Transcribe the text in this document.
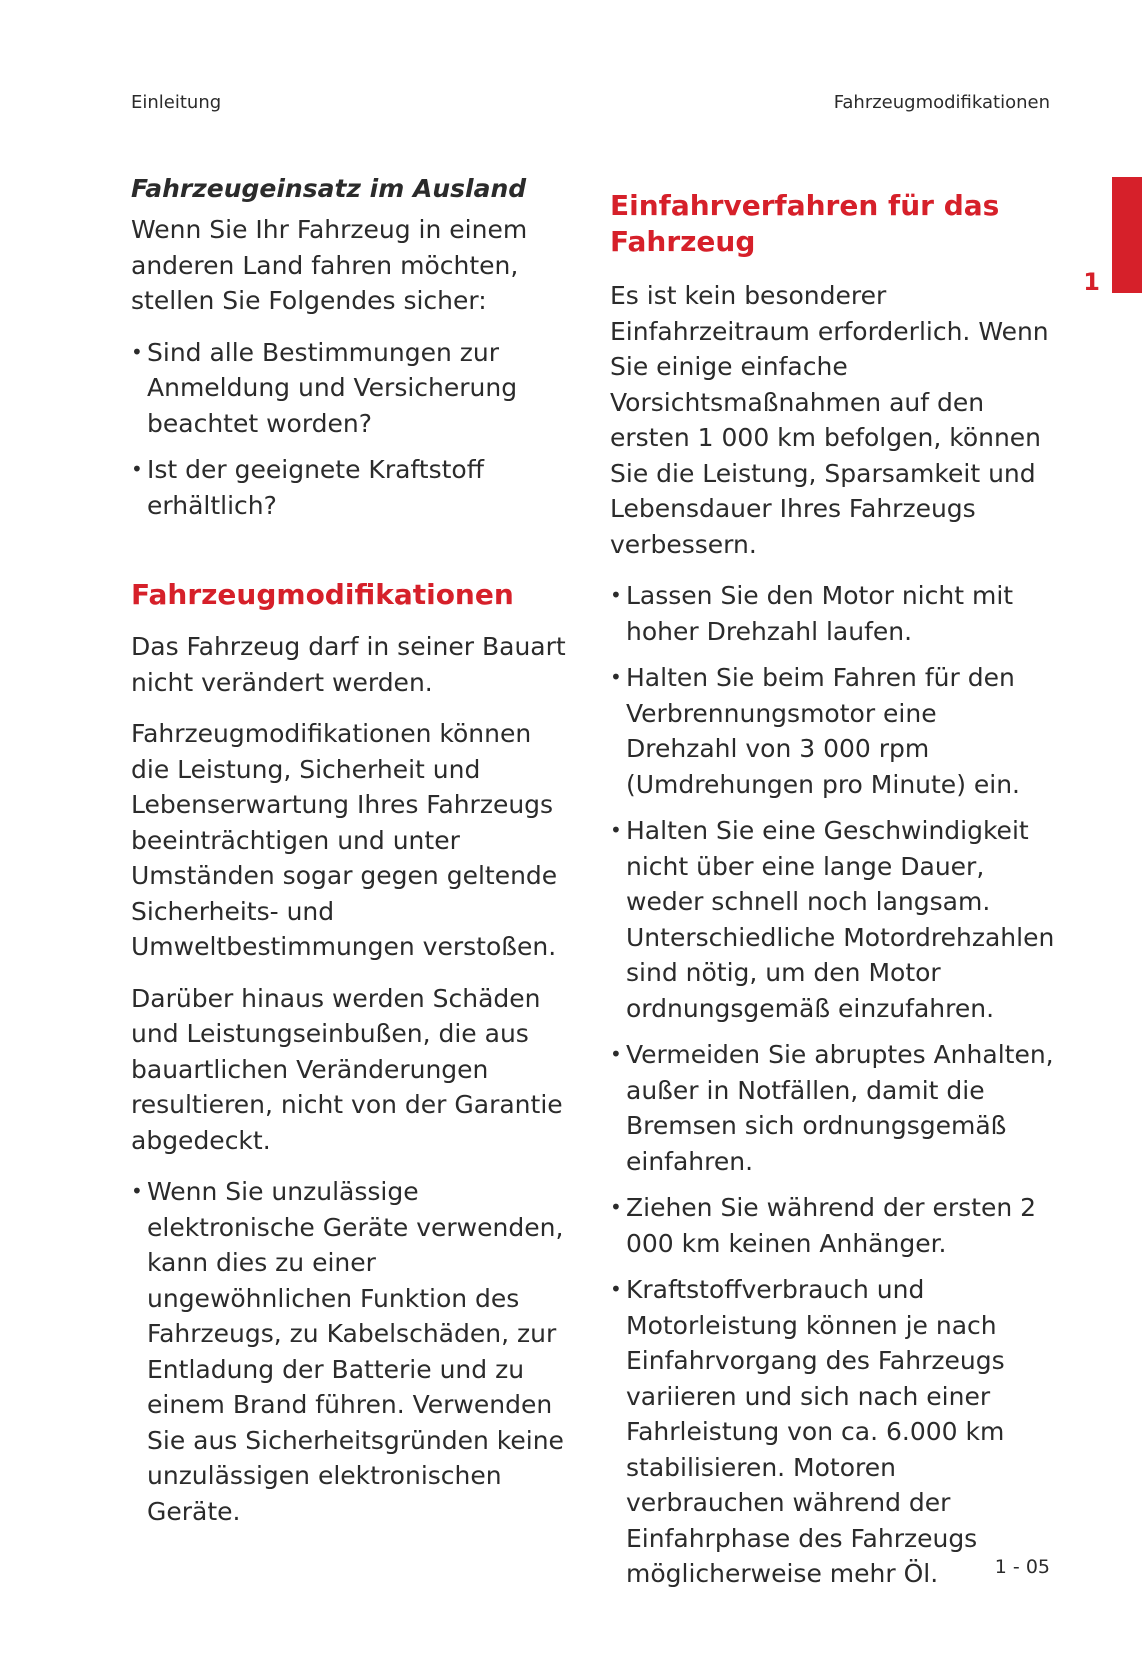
Einleitung	Fahrzeugmodifikationen
1
Fahrzeugeinsatz im Ausland

Wenn Sie Ihr Fahrzeug in einem anderen Land fahren möchten, stellen Sie Folgendes sicher:

• Sind alle Bestimmungen zur Anmeldung und Versicherung beachtet worden?
• Ist der geeignete Kraftstoff erhältlich?
Fahrzeugmodifikationen

Das Fahrzeug darf in seiner Bauart nicht verändert werden.

Fahrzeugmodifikationen können die Leistung, Sicherheit und Lebenserwartung Ihres Fahrzeugs beeinträchtigen und unter Umständen sogar gegen geltende Sicherheits- und Umweltbestimmungen verstoßen.

Darüber hinaus werden Schäden und Leistungseinbußen, die aus bauartlichen Veränderungen resultieren, nicht von der Garantie abgedeckt.

• Wenn Sie unzulässige elektronische Geräte verwenden, kann dies zu einer ungewöhnlichen Funktion des Fahrzeugs, zu Kabelschäden, zur Entladung der Batterie und zu einem Brand führen. Verwenden Sie aus Sicherheitsgründen keine unzulässigen elektronischen Geräte.
Einfahrverfahren für das Fahrzeug

Es ist kein besonderer Einfahrzeitraum erforderlich. Wenn Sie einige einfache Vorsichtsmaßnahmen auf den ersten 1 000 km befolgen, können Sie die Leistung, Sparsamkeit und Lebensdauer Ihres Fahrzeugs verbessern.

• Lassen Sie den Motor nicht mit hoher Drehzahl laufen.
• Halten Sie beim Fahren für den Verbrennungsmotor eine Drehzahl von 3 000 rpm (Umdrehungen pro Minute) ein.
• Halten Sie eine Geschwindigkeit nicht über eine lange Dauer, weder schnell noch langsam. Unterschiedliche Motordrehzahlen sind nötig, um den Motor ordnungsgemäß einzufahren.
• Vermeiden Sie abruptes Anhalten, außer in Notfällen, damit die Bremsen sich ordnungsgemäß einfahren.
• Ziehen Sie während der ersten 2 000 km keinen Anhänger.
• Kraftstoffverbrauch und Motorleistung können je nach Einfahrvorgang des Fahrzeugs variieren und sich nach einer Fahrleistung von ca. 6.000 km stabilisieren. Motoren verbrauchen während der Einfahrphase des Fahrzeugs möglicherweise mehr Öl.	1 - 05
